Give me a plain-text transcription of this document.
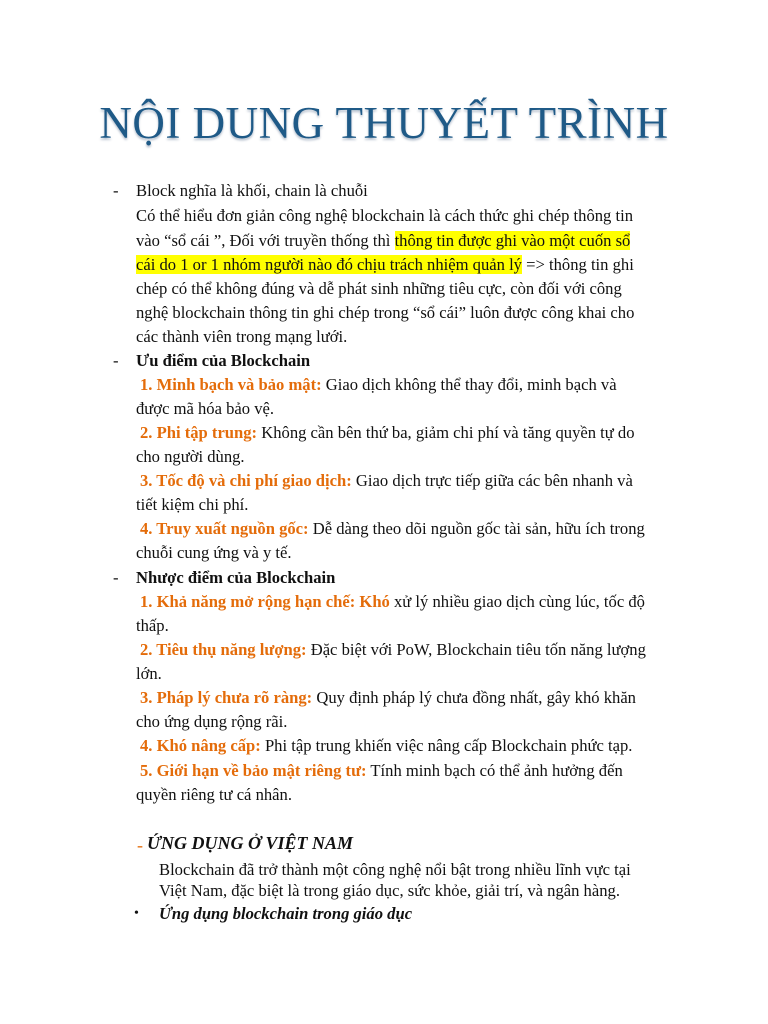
NỘI DUNG THUYẾT TRÌNH
- Block nghĩa là khối, chain là chuỗi
Có thể hiểu đơn giản công nghệ blockchain là cách thức ghi chép thông tin
vào “sổ cái ”, Đối với truyền thống thì thông tin được ghi vào một cuốn sổ
cái do 1 or 1 nhóm người nào đó chịu trách nhiệm quản lý => thông tin ghi
chép có thể không đúng và dễ phát sinh những tiêu cực, còn đối với công
nghệ blockchain thông tin ghi chép trong “sổ cái” luôn được công khai cho
các thành viên trong mạng lưới.
- Ưu điểm của Blockchain
1. Minh bạch và bảo mật: Giao dịch không thể thay đổi, minh bạch và
được mã hóa bảo vệ.
2. Phi tập trung: Không cần bên thứ ba, giảm chi phí và tăng quyền tự do
cho người dùng.
3. Tốc độ và chi phí giao dịch: Giao dịch trực tiếp giữa các bên nhanh và
tiết kiệm chi phí.
4. Truy xuất nguồn gốc: Dễ dàng theo dõi nguồn gốc tài sản, hữu ích trong
chuỗi cung ứng và y tế.
- Nhược điểm của Blockchain
1. Khả năng mở rộng hạn chế: Khó xử lý nhiều giao dịch cùng lúc, tốc độ
thấp.
2. Tiêu thụ năng lượng: Đặc biệt với PoW, Blockchain tiêu tốn năng lượng
lớn.
3. Pháp lý chưa rõ ràng: Quy định pháp lý chưa đồng nhất, gây khó khăn
cho ứng dụng rộng rãi.
4. Khó nâng cấp: Phi tập trung khiến việc nâng cấp Blockchain phức tạp.
5. Giới hạn về bảo mật riêng tư: Tính minh bạch có thể ảnh hưởng đến
quyền riêng tư cá nhân.
- ỨNG DỤNG Ở VIỆT NAM
Blockchain đã trở thành một công nghệ nổi bật trong nhiều lĩnh vực tại
Việt Nam, đặc biệt là trong giáo dục, sức khỏe, giải trí, và ngân hàng.
• Ứng dụng blockchain trong giáo dục
